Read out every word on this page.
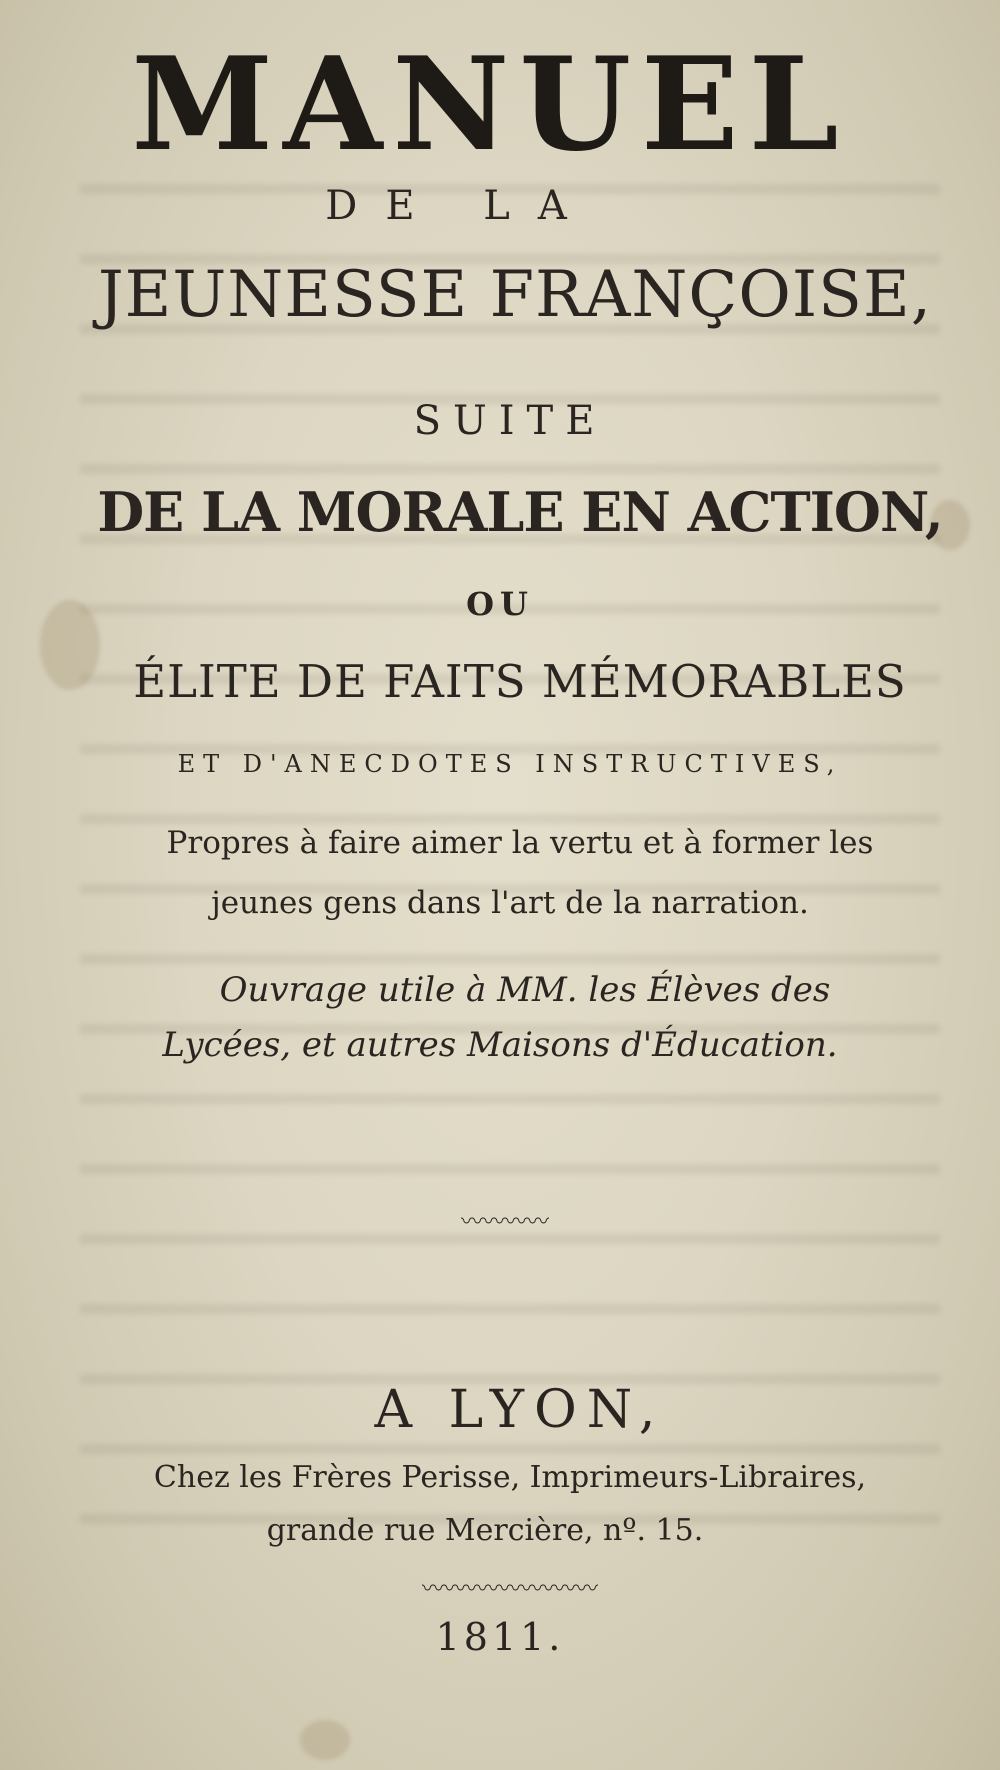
MANUEL
DE LA
JEUNESSE FRANÇOISE,
SUITE
DE LA MORALE EN ACTION,
OU
ÉLITE DE FAITS MÉMORABLES
ET D'ANECDOTES INSTRUCTIVES,
Propres à faire aimer la vertu et à former les
jeunes gens dans l'art de la narration.
Ouvrage utile à MM. les Élèves des
Lycées, et autres Maisons d'Éducation.
〰〰〰〰
A LYON,
Chez les Frères Perisse, Imprimeurs-Libraires,
grande rue Mercière, nº. 15.
〰〰〰〰〰〰〰〰
1811.
